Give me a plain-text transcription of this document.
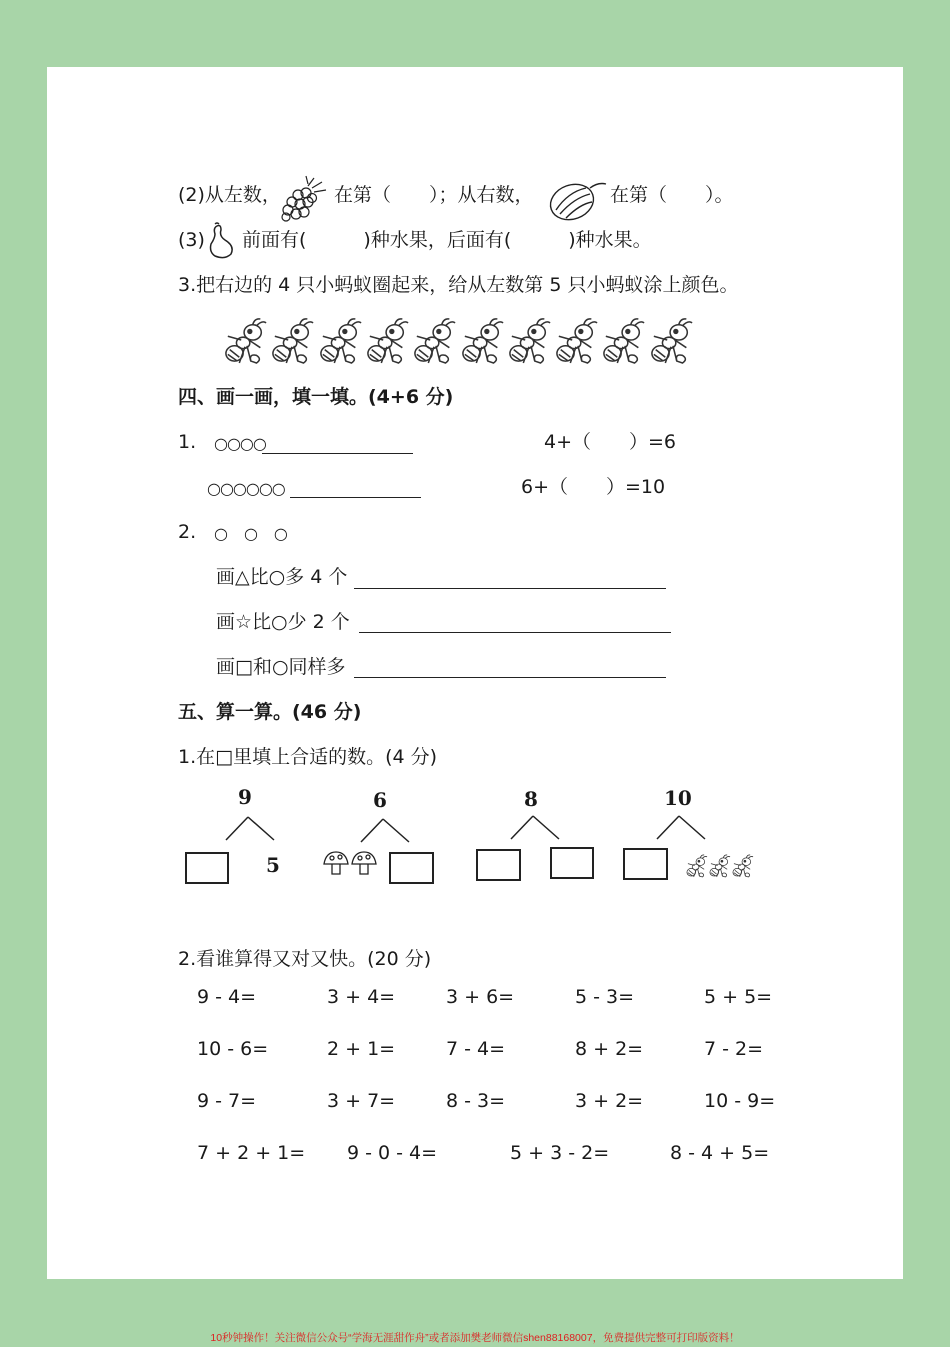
(2)从左数，	在第（　　）；从右数，	在第（　　）。
(3) 前面有(　　　)种水果，后面有(　　　)种水果。
3.把右边的 4 只小蚂蚁圈起来，给从左数第 5 只小蚂蚁涂上颜色。
四、画一画，填一填。(4+6 分)
1. ○○○○	4+（　　）=6
○○○○○○	6+（　　）=10
2. ○　○　○
画△比○多 4 个
画☆比○少 2 个
画□和○同样多
五、算一算。(46 分)
1.在□里填上合适的数。(4 分)
9
5
6	8	10
2.看谁算得又对又快。(20 分)
9 - 4=	3 + 4=	3 + 6=	5 - 3=	5 + 5=
10 - 6=	2 + 1=	7 - 4=	8 + 2=	7 - 2=
9 - 7=	3 + 7=	8 - 3=	3 + 2=	10 - 9=
7 + 2 + 1= 9 - 0 - 4=	5 + 3 - 2=	8 - 4 + 5=
10秒钟操作！关注微信公众号“学海无涯甜作舟”或者添加樊老师微信shen88168007，免费提供完整可打印版资料！
